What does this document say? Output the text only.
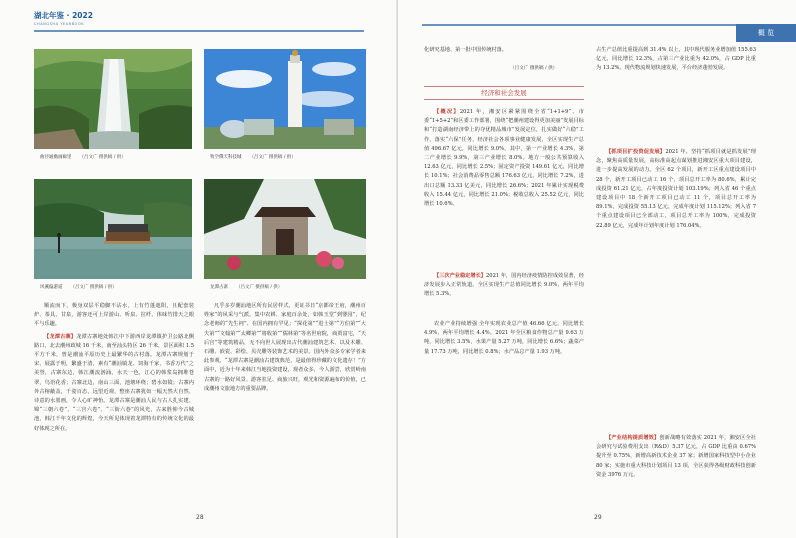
湖北年鉴 · 2022
CHANGSHA YEARBOOK
曲径通幽画廊里 （吕文广 摄供稿 / 供）
风溪偏游道 （吕文广 摄供稿 / 供）
牧空俄天科技城 （吕文广 摄供稿 / 供）
龙潭古寨 （吕文广 摄供稿 / 供）

顺流而下，极身双层平稳脚不沾水，上有竹蓬遮阳，且配套装炉、茶具、甘泉，游客还可上岸游山、听泉、拉纤，体味竹排天之眼平与乐趣。

【龙潭古寨】龙潭古寨地处韩江中下游西岸龙潭镇护卫公路北侧路口，北去潮州政城 16 千米，南至汕头特区 26 千米，景区面积 1.5 平方千米，曾是潮汕平原历史上最繁华的古村落。龙潭古寨规划于宋，展露于明，繁盛于清，素有“潮汕镇龙、饲海千家，书香万代”之美誉，古寨东边，韩江潮流汹涌，水天一色，江心的韩浆岛拥堆苍翠，鸟语花香；古寨北边，南山三面，池塘环绕；碧水如镜；古寨内外古榕蔽盖，千姿百态，远望近观，整座古寨犹如一幅天然大自然、诗意的水墨画，令人心旷神怡。龙潭古寨是潮汕人民与古人扎实建、锦“三朝六卷”、“三宫六卷”、“三街六巷”的风光，古来胜仰今古城池，韩江千年文化的辉煌，今天所见体现着龙潭特有的传统文化的最好体现之所在。

凡乎多岁潮汕地区所有民居样式，更证书日“京都帝王府，潮州百姓家”的风采与气派。集中农耕、家庭百余处，如韩玉堂“到婴园”，纪念老师的“先生祠”、在国内拥有罕见；“探花第”“进士第”“方伯第”“大夫第”“文翰第”“太卿第”“将收第”“儒林第”等名世府院，商贾富宅，“天后宫”等建筑精品，无不向世人展现出古代潮汕建筑艺术、以及木雕、石雕、嵌瓷、彩绘、贝壳雕等装饰艺术的美景。国内外众多专家学者来此参观，“龙潭古寨是潮汕古建筑典范，是最值得珍藏的文化遗存！”方面中，近为十年来韩江当地投资建设，观者众多，今人游尝，欣赏岭南古寨的一路好风景、游客驻足、商旅兴旺，观光和资源遍布的价值，已成潮州文旅地方的重要品牌。

28
概 览

化研究基地、第一批中国传统村落。

（吕文广 摄供稿 / 供）
经济和社会发展

【概况】2021 年，湘安区紧紧围绕全省“1+1+9”、市委“1+5+2”和区委工作部署，围绕“把潮州建设得更加美丽”发展目标和“打造湖南经济带上的夺优精品城市”发展定位，扎实做好“六稳”工作、落实“六保”任务，经济社会各项事业健康发展，全区实现生产总值 496.67 亿元，同比增长 9.0%。其中，第一产业增长 4.3%，第二产业增长 9.9%，第三产业增长 8.0%。地方一般公共预算收入 12.63 亿元，同比增长 2.5%；固定资产投资 149.61 亿元，同比增长 10.1%；社会消费品零售总额 176.63 亿元，同比增长 7.2%，进出口总额 13.33 亿美元，同比增长 26.6%；2021 年累计实现税费收入 15.44 亿元，同比增长 21.0%；税收总收入 25.52 亿元，同比增长 10.6%。

【三次产业稳定增长】2021 年，国内经济疫情防控成效显著，经济发展步入正常轨道。全区实现生产总值同比增长 9.0%，两年平均增长 5.3%。

农业产业持续增强 全年实现农业总产值 46.66 亿元，同比增长 4.9%，两年平均增长 4.4%。2021 年全区粮食作物总产量 9.63 万吨，同比增长 3.5%，水果产量 5.27 万吨，同比增长 6.6%；蔬菜产量 17.73 万吨，同比增长 0.8%；水产品总产量 1.93 万吨。

占生产总值比重提高到 31.4% 以上，其中现代服务业增加值 155.63 亿元，同比增长 12.3%，占第三产业比重为 42.0%，占 GDP 比重为 13.2%。现代物流规划快速发展，平台经济蓬勃发展。

【抓项目扩投资促发展】2021 年，坚持“抓项目就是抓发展”理念，聚焦高质量发展，高标准高起点谋划推进湘安区重大项目建设，进一步提高发展的动力。全区 62 个项目，新开工区重点建设项目中 28 个，新开工项目已动工 16 个，项目总开工率为 80.6%，累计完成投资 61.21 亿元，占年度投资计划 103.19%；列入省 46 个重点建设项目中 18 个新开工项目已动工 11 个，项目总开工率为 89.1%，完成投资 55.13 亿元，完成年度计划 115.12%；列入省 7 个重点建设项目已全部动工，项目总开工率为 100%，完成投资 22.89 亿元，完成年计划年度计划 176.04%。

【产业结构提质增效】创新战略有效落实 2021 年，湘安区全社会研究与试验费用支出（R&D）5.37 亿元，占 GDP 比重由 0.67% 提升至 0.75%，新增高新技术企业 37 家；新增国家科技型中小企业 80 家；实施市重大科技计划项目 13 项，全区获得各级财政科技创新资金 3976 万元。

29
